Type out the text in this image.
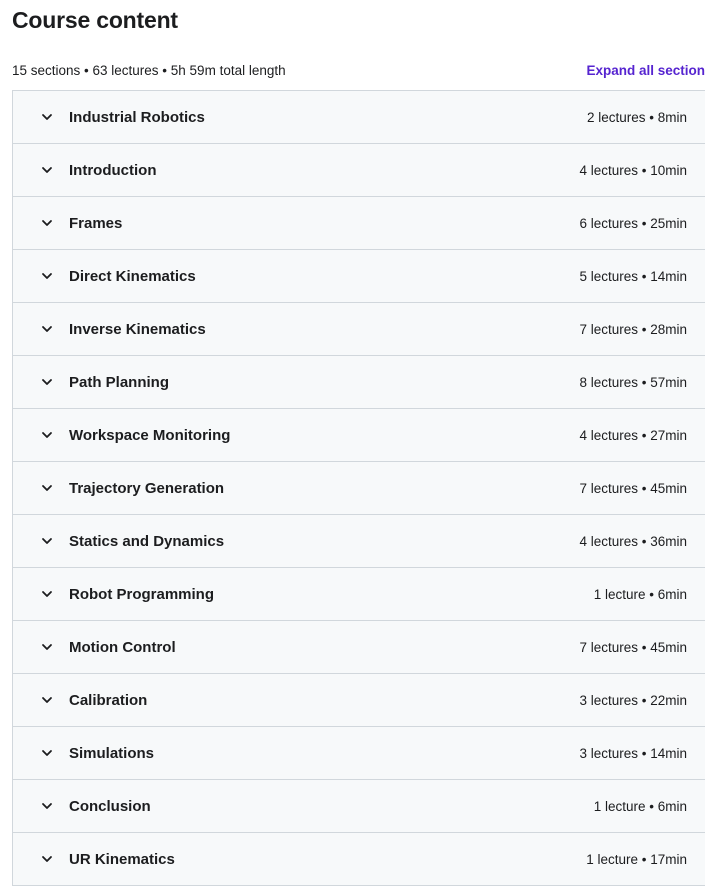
Course content
15 sections • 63 lectures • 5h 59m total length	Expand all section
Industrial Robotics	2 lectures • 8min
Introduction	4 lectures • 10min
Frames	6 lectures • 25min
Direct Kinematics	5 lectures • 14min
Inverse Kinematics	7 lectures • 28min
Path Planning	8 lectures • 57min
Workspace Monitoring	4 lectures • 27min
Trajectory Generation	7 lectures • 45min
Statics and Dynamics	4 lectures • 36min
Robot Programming	1 lecture • 6min
Motion Control	7 lectures • 45min
Calibration	3 lectures • 22min
Simulations	3 lectures • 14min
Conclusion	1 lecture • 6min
UR Kinematics	1 lecture • 17min
